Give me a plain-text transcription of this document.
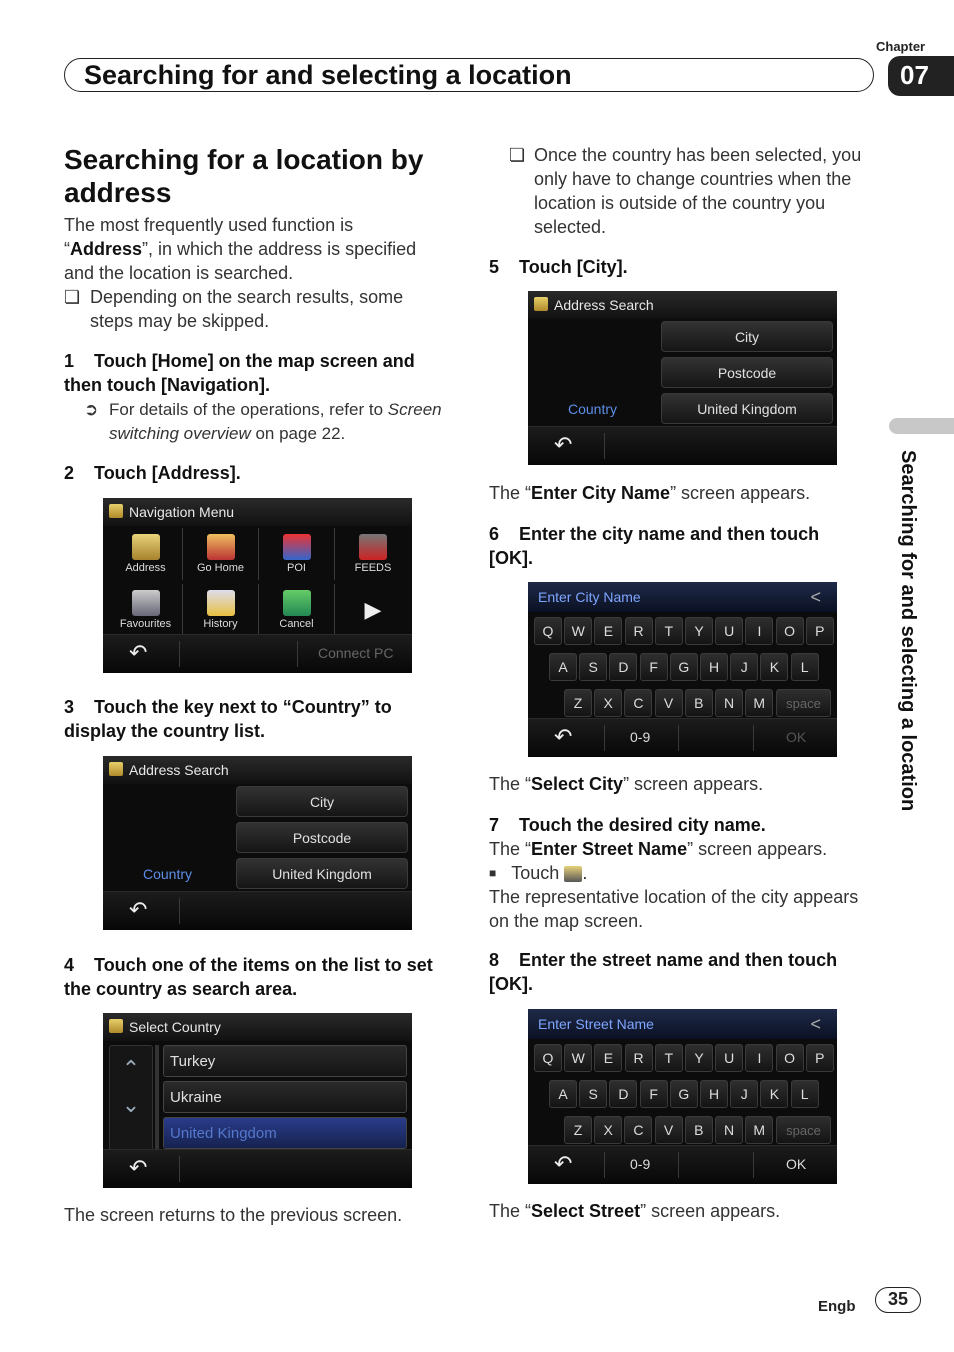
Searching for and selecting a location
Chapter
07
Searching for and selecting a location
Searching for a location by address
The most frequently used function is “Address”, in which the address is specified and the location is searched.
❏ Depending on the search results, some steps may be skipped.
1 Touch [Home] on the map screen and then touch [Navigation].
➲ For details of the operations, refer to Screen switching overview on page 22.
2 Touch [Address].
Navigation Menu
Address	Go Home	POI	FEEDS
Favourites	History	Cancel
▶
↶	Connect PC
3 Touch the key next to “Country” to display the country list.
Address Search
City
Postcode
Country	United Kingdom
↶
4 Touch one of the items on the list to set the country as search area.
Select Country
⌃
⌄
Turkey
Ukraine
United Kingdom
↶
The screen returns to the previous screen.
❏ Once the country has been selected, you only have to change countries when the location is outside of the country you selected.
5 Touch [City].
Address Search
City
Postcode
Country	United Kingdom
↶
The “Enter City Name” screen appears.
6 Enter the city name and then touch [OK].
Enter City Name	<
Q	W	E	R	T	Y	U	I	O	P
A	S	D	F	G	H	J	K	L
Z	X	C	V	B	N	M	space
↶	0-9	OK
The “Select City” screen appears.
7 Touch the desired city name.
The “Enter Street Name” screen appears.
■ Touch .
The representative location of the city appears on the map screen.
8 Enter the street name and then touch [OK].
Enter Street Name	<
Q	W	E	R	T	Y	U	I	O	P
A	S	D	F	G	H	J	K	L
Z	X	C	V	B	N	M	space
↶	0-9	OK
The “Select Street” screen appears.
Engb	35
